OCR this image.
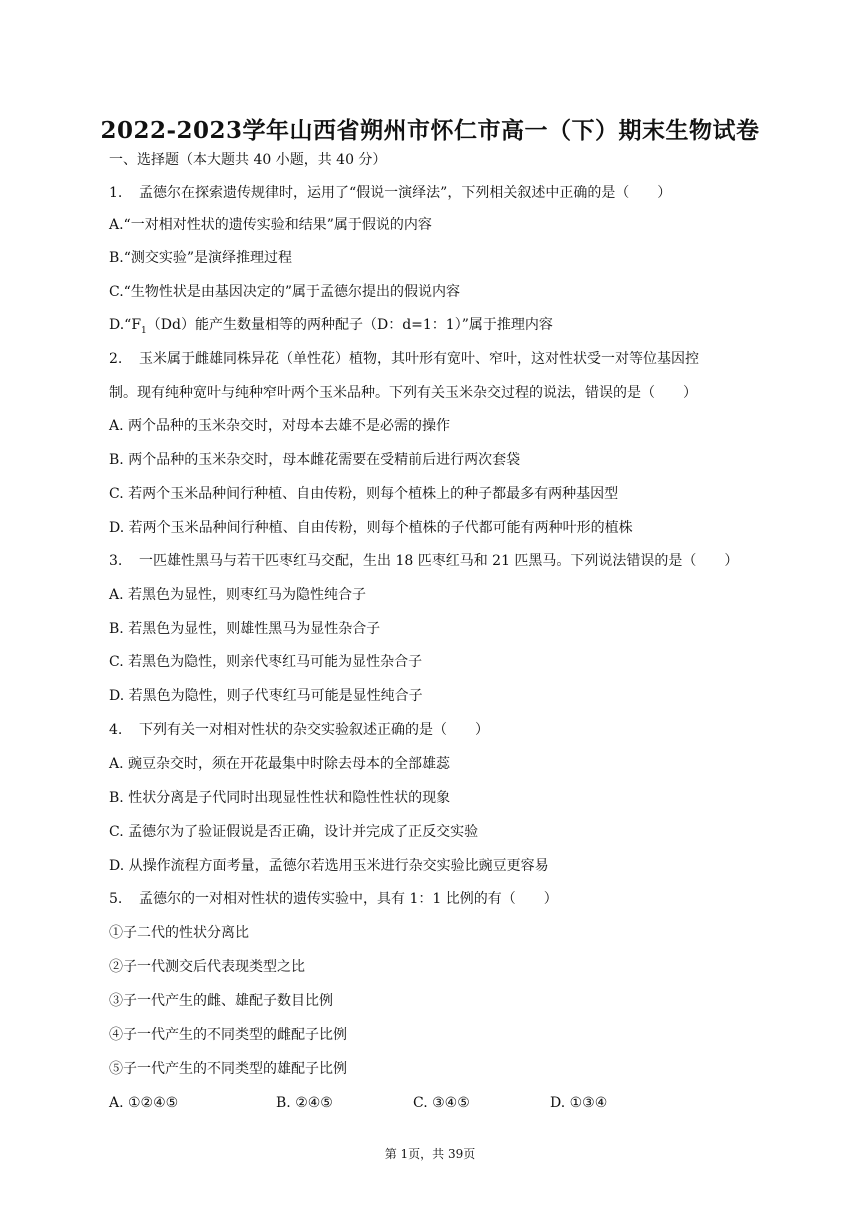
2022-2023学年山西省朔州市怀仁市高一（下）期末生物试卷
一、选择题（本大题共 40 小题，共 40 分）
1. 孟德尔在探索遗传规律时，运用了“假说一演绎法”，下列相关叙述中正确的是（　　）
A.“一对相对性状的遗传实验和结果”属于假说的内容
B.“测交实验”是演绎推理过程
C.“生物性状是由基因决定的”属于孟德尔提出的假说内容
$D.“F_1(Dd)$能产生数量相等的两种配子（D：d=1：1）”属于推理内容
2. 玉米属于雌雄同株异花（单性花）植物，其叶形有宽叶、窄叶，这对性状受一对等位基因控
制。现有纯种宽叶与纯种窄叶两个玉米品种。下列有关玉米杂交过程的说法，错误的是（　　）
A. 两个品种的玉米杂交时，对母本去雄不是必需的操作
B. 两个品种的玉米杂交时，母本雌花需要在受精前后进行两次套袋
C. 若两个玉米品种间行种植、自由传粉，则每个植株上的种子都最多有两种基因型
D. 若两个玉米品种间行种植、自由传粉，则每个植株的子代都可能有两种叶形的植株
3. 一匹雄性黑马与若干匹枣红马交配，生出 18 匹枣红马和 21 匹黑马。下列说法错误的是（　　）
A. 若黑色为显性，则枣红马为隐性纯合子
B. 若黑色为显性，则雄性黑马为显性杂合子
C. 若黑色为隐性，则亲代枣红马可能为显性杂合子
D. 若黑色为隐性，则子代枣红马可能是显性纯合子
4. 下列有关一对相对性状的杂交实验叙述正确的是（　　）
A. 豌豆杂交时，须在开花最集中时除去母本的全部雄蕊
B. 性状分离是子代同时出现显性性状和隐性性状的现象
C. 孟德尔为了验证假说是否正确，设计并完成了正反交实验
D. 从操作流程方面考量，孟德尔若选用玉米进行杂交实验比豌豆更容易
5. 孟德尔的一对相对性状的遗传实验中，具有 1：1 比例的有（　　）
①子二代的性状分离比
②子一代测交后代表现类型之比
③子一代产生的雌、雄配子数目比例
④子一代产生的不同类型的雌配子比例
⑤子一代产生的不同类型的雄配子比例
A. ①②④⑤	B. ②④⑤	C. ③④⑤	D. ①③④
第 1页，共 39页
